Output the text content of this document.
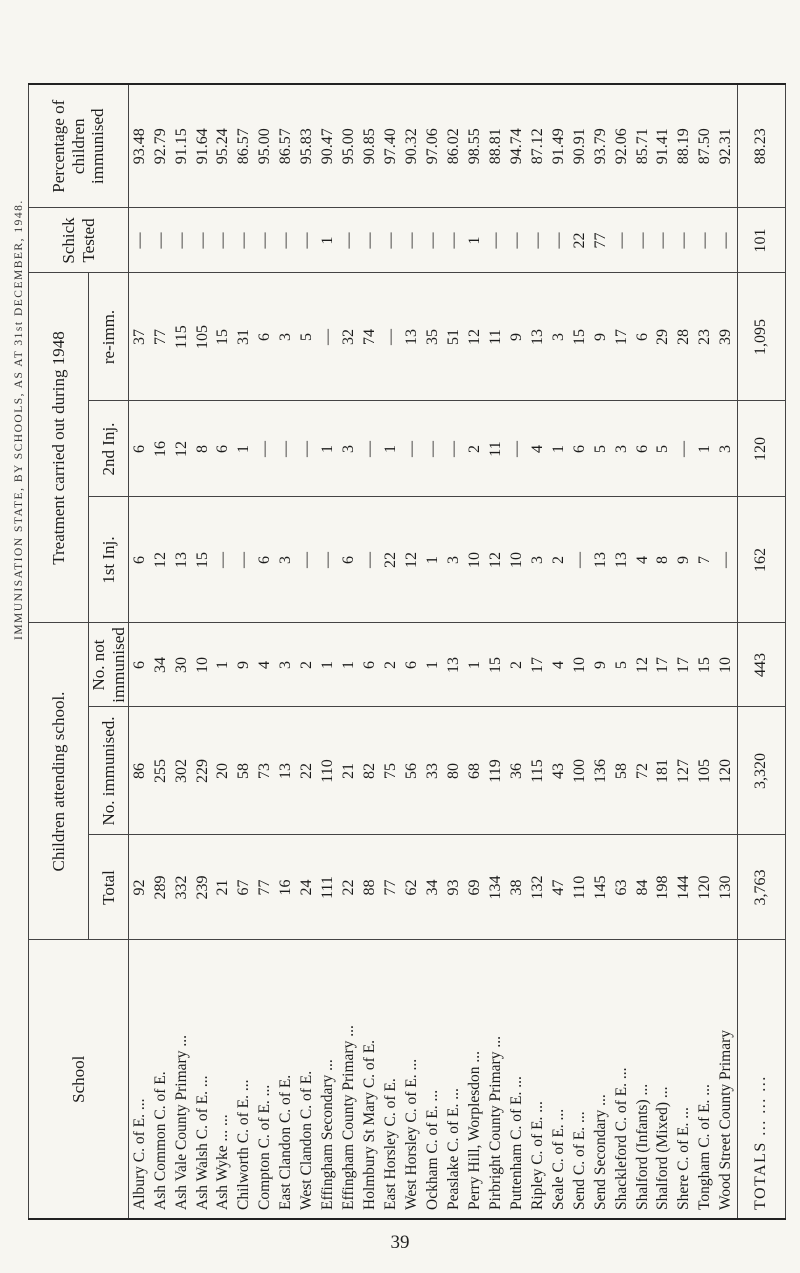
IMMUNISATION STATE, BY SCHOOLS, AS AT 31st DECEMBER, 1948.
School	Children attending school.			Treatment carried out during 1948			Schick Tested	Percentage of children immunised
	Total	No. immunised.	No. not immunised	1st Inj.	2nd Inj.	re-imm.		
Albury C. of E. ...	92	86	6	6	6	37	—	93.48
Ash Common C. of E.	289	255	34	12	16	77	—	92.79
Ash Vale County Primary ...	332	302	30	13	12	115	—	91.15
Ash Walsh C. of E. ...	239	229	10	15	8	105	—	91.64
Ash Wyke ... ...	21	20	1	—	6	15	—	95.24
Chilworth C. of E. ...	67	58	9	—	1	31	—	86.57
Compton C. of E. ...	77	73	4	6	—	6	—	95.00
East Clandon C. of E.	16	13	3	3	—	3	—	86.57
West Clandon C. of E.	24	22	2	—	—	5	—	95.83
Effingham Secondary ...	111	110	1	—	1	—	1	90.47
Effingham County Primary ...	22	21	1	6	3	32	—	95.00
Holmbury St Mary C. of E.	88	82	6	—	—	74	—	90.85
East Horsley C. of E.	77	75	2	22	1	—	—	97.40
West Horsley C. of E. ...	62	56	6	12	—	13	—	90.32
Ockham C. of E. ...	34	33	1	1	—	35	—	97.06
Peaslake C. of E. ...	93	80	13	3	—	51	—	86.02
Perry Hill, Worplesdon ...	69	68	1	10	2	12	1	98.55
Pirbright County Primary ...	134	119	15	12	11	11	—	88.81
Puttenham C. of E. ...	38	36	2	10	—	9	—	94.74
Ripley C. of E. ...	132	115	17	3	4	13	—	87.12
Seale C. of E. ...	47	43	4	2	1	3	—	91.49
Send C. of E. ...	110	100	10	—	6	15	22	90.91
Send Secondary ...	145	136	9	13	5	9	77	93.79
Shackleford C. of E. ...	63	58	5	13	3	17	—	92.06
Shalford (Infants) ...	84	72	12	4	6	6	—	85.71
Shalford (Mixed) ...	198	181	17	8	5	29	—	91.41
Shere C. of E. ...	144	127	17	9	—	28	—	88.19
Tongham C. of E. ...	120	105	15	7	1	23	—	87.50
Wood Street County Primary	130	120	10	—	3	39	—	92.31
TOTALS ... ... ...	3,763	3,320	443	162	120	1,095	101	88.23
39
